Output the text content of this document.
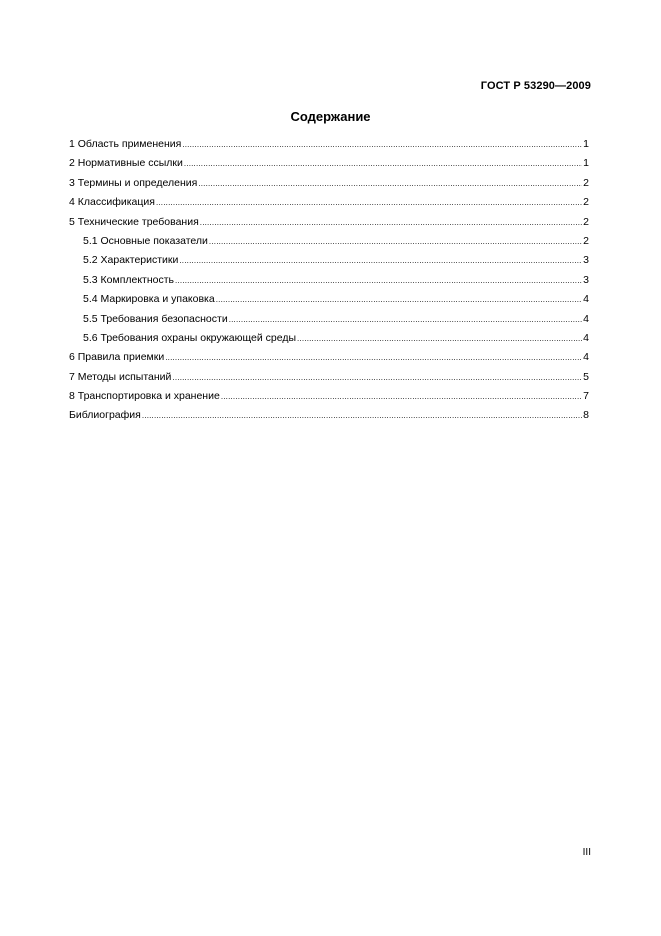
ГОСТ Р 53290—2009
Содержание
1 Область применения .....	1
2 Нормативные ссылки .....	1
3 Термины и определения .....	2
4 Классификация .....	2
5 Технические требования .....	2
5.1 Основные показатели .....	2
5.2 Характеристики .....	3
5.3 Комплектность .....	3
5.4 Маркировка и упаковка .....	4
5.5 Требования безопасности .....	4
5.6 Требования охраны окружающей среды .....	4
6 Правила приемки .....	4
7 Методы испытаний .....	5
8 Транспортировка и хранение .....	7
Библиография .....	8
III
